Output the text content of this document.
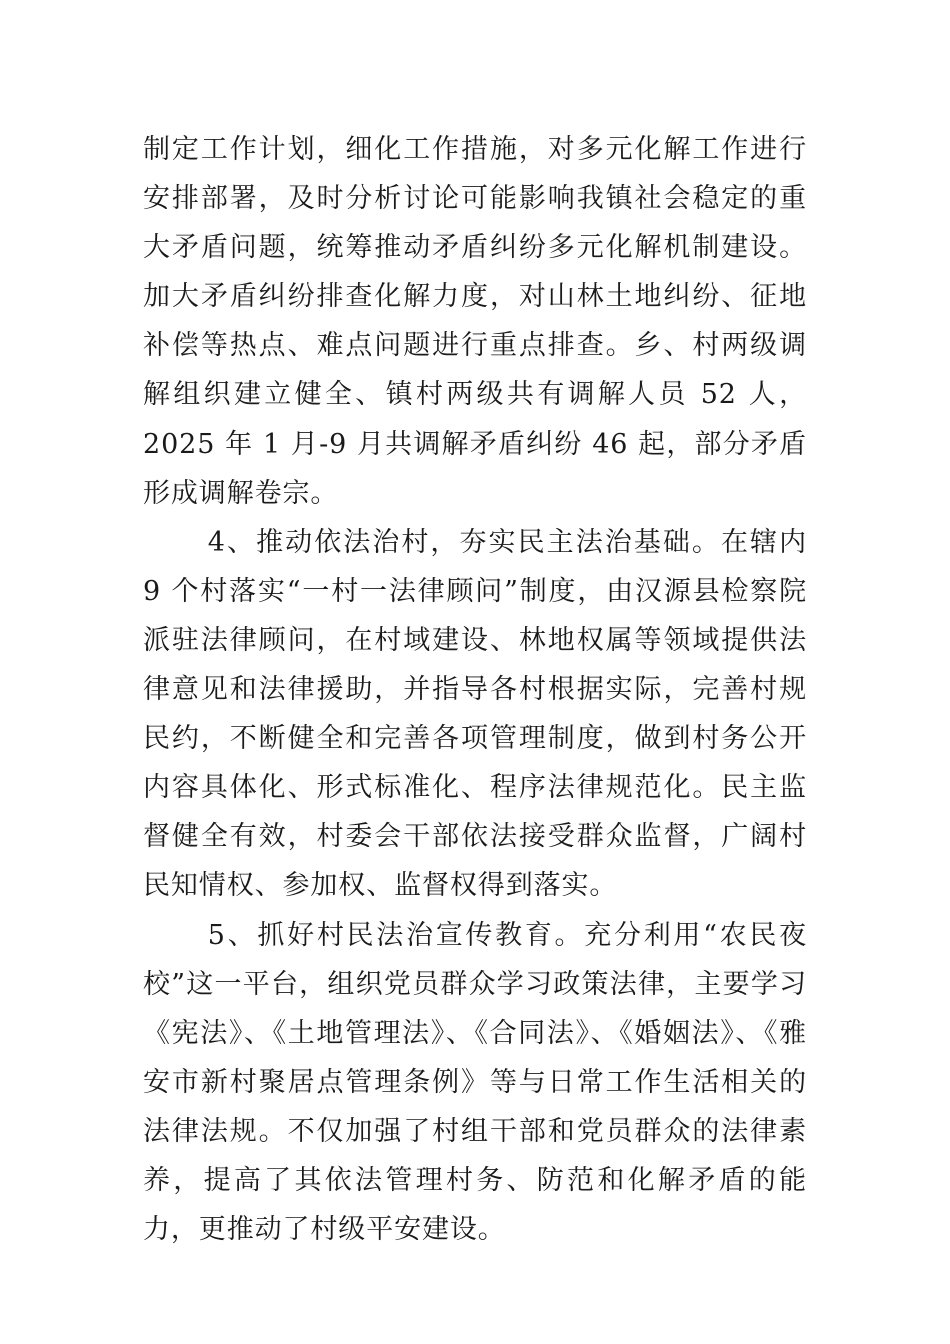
制定工作计划，细化工作措施，对多元化解工作进行安排部署，及时分析讨论可能影响我镇社会稳定的重大矛盾问题，统筹推动矛盾纠纷多元化解机制建设。加大矛盾纠纷排查化解力度，对山林土地纠纷、征地补偿等热点、难点问题进行重点排查。乡、村两级调解组织建立健全、镇村两级共有调解人员 52 人，2025 年 1 月-9 月共调解矛盾纠纷 46 起，部分矛盾形成调解卷宗。

4、推动依法治村，夯实民主法治基础。在辖内 9 个村落实“一村一法律顾问”制度，由汉源县检察院派驻法律顾问，在村域建设、林地权属等领域提供法律意见和法律援助，并指导各村根据实际，完善村规民约，不断健全和完善各项管理制度，做到村务公开内容具体化、形式标准化、程序法律规范化。民主监督健全有效，村委会干部依法接受群众监督，广阔村民知情权、参加权、监督权得到落实。

5、抓好村民法治宣传教育。充分利用“农民夜校”这一平台，组织党员群众学习政策法律，主要学习《宪法》、《土地管理法》、《合同法》、《婚姻法》、《雅安市新村聚居点管理条例》等与日常工作生活相关的法律法规。不仅加强了村组干部和党员群众的法律素养，提高了其依法管理村务、防范和化解矛盾的能力，更推动了村级平安建设。
